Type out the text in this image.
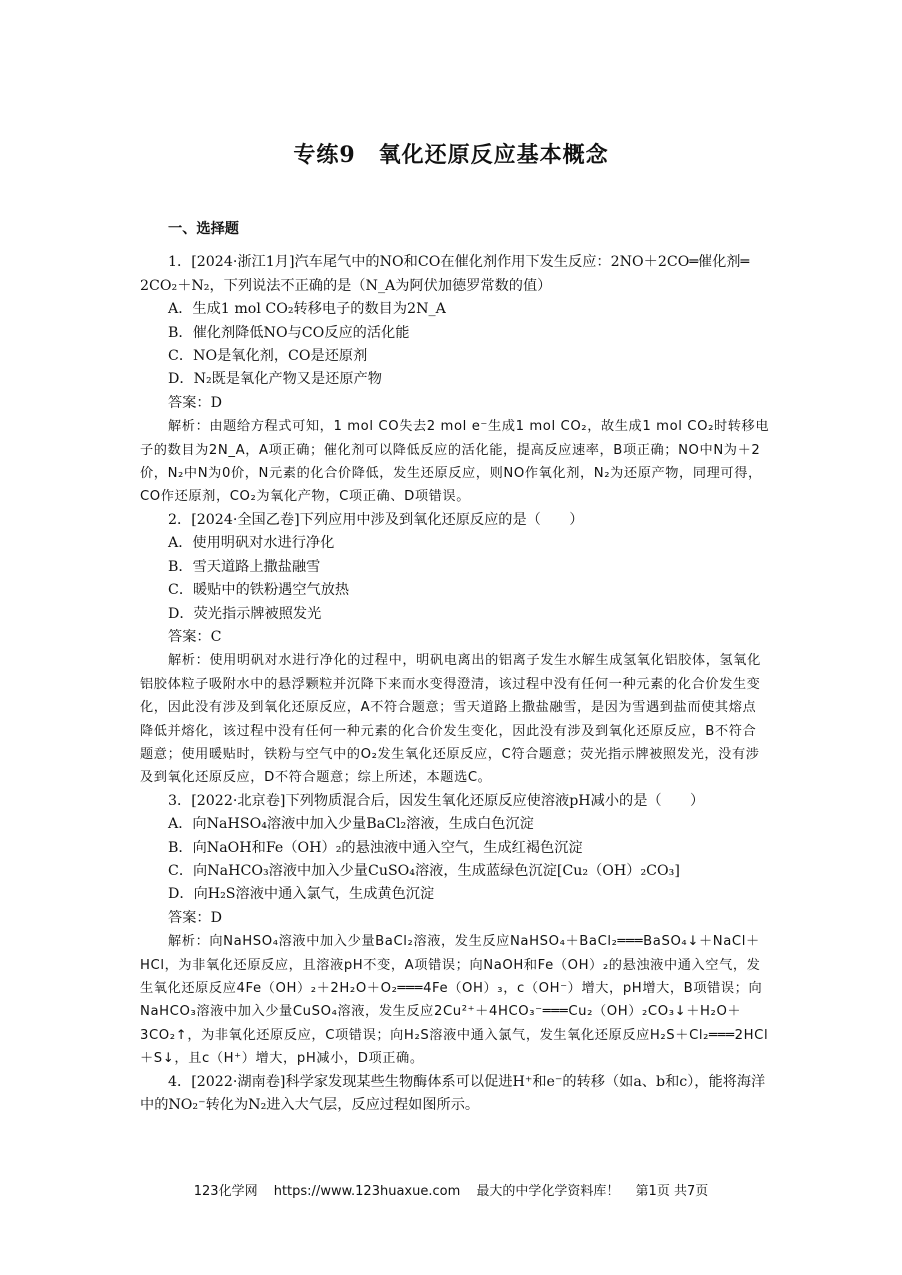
专练9　氧化还原反应基本概念
一、选择题

1．[2024·浙江1月]汽车尾气中的NO和CO在催化剂作用下发生反应：2NO＋2CO═催化剂═

2CO₂＋N₂，下列说法不正确的是（N_A为阿伏加德罗常数的值）

A．生成1 mol CO₂转移电子的数目为2N_A

B．催化剂降低NO与CO反应的活化能

C．NO是氧化剂，CO是还原剂

D．N₂既是氧化产物又是还原产物

答案：D

解析：由题给方程式可知，1 mol CO失去2 mol e⁻生成1 mol CO₂，故生成1 mol CO₂时转移电子的数目为2N_A，A项正确；催化剂可以降低反应的活化能，提高反应速率，B项正确；NO中N为＋2价，N₂中N为0价，N元素的化合价降低，发生还原反应，则NO作氧化剂，N₂为还原产物，同理可得，CO作还原剂，CO₂为氧化产物，C项正确、D项错误。

2．[2024·全国乙卷]下列应用中涉及到氧化还原反应的是（　　）

A．使用明矾对水进行净化

B．雪天道路上撒盐融雪

C．暖贴中的铁粉遇空气放热

D．荧光指示牌被照发光

答案：C

解析：使用明矾对水进行净化的过程中，明矾电离出的铝离子发生水解生成氢氧化铝胶体，氢氧化铝胶体粒子吸附水中的悬浮颗粒并沉降下来而水变得澄清，该过程中没有任何一种元素的化合价发生变化，因此没有涉及到氧化还原反应，A不符合题意；雪天道路上撒盐融雪，是因为雪遇到盐而使其熔点降低并熔化，该过程中没有任何一种元素的化合价发生变化，因此没有涉及到氧化还原反应，B不符合题意；使用暖贴时，铁粉与空气中的O₂发生氧化还原反应，C符合题意；荧光指示牌被照发光，没有涉及到氧化还原反应，D不符合题意；综上所述，本题选C。

3．[2022·北京卷]下列物质混合后，因发生氧化还原反应使溶液pH减小的是（　　）

A．向NaHSO₄溶液中加入少量BaCl₂溶液，生成白色沉淀

B．向NaOH和Fe（OH）₂的悬浊液中通入空气，生成红褐色沉淀

C．向NaHCO₃溶液中加入少量CuSO₄溶液，生成蓝绿色沉淀[Cu₂（OH）₂CO₃]

D．向H₂S溶液中通入氯气，生成黄色沉淀

答案：D

解析：向NaHSO₄溶液中加入少量BaCl₂溶液，发生反应NaHSO₄＋BaCl₂═══BaSO₄↓＋NaCl＋HCl，为非氧化还原反应，且溶液pH不变，A项错误；向NaOH和Fe（OH）₂的悬浊液中通入空气，发生氧化还原反应4Fe（OH）₂＋2H₂O＋O₂═══4Fe（OH）₃，c（OH⁻）增大，pH增大，B项错误；向NaHCO₃溶液中加入少量CuSO₄溶液，发生反应2Cu²⁺＋4HCO₃⁻═══Cu₂（OH）₂CO₃↓＋H₂O＋3CO₂↑，为非氧化还原反应，C项错误；向H₂S溶液中通入氯气，发生氧化还原反应H₂S＋Cl₂═══2HCl＋S↓，且c（H⁺）增大，pH减小，D项正确。

4．[2022·湖南卷]科学家发现某些生物酶体系可以促进H⁺和e⁻的转移（如a、b和c），能将海洋中的NO₂⁻转化为N₂进入大气层，反应过程如图所示。

123化学网 https://www.123huaxue.com 最大的中学化学资料库！ 第1页 共7页
